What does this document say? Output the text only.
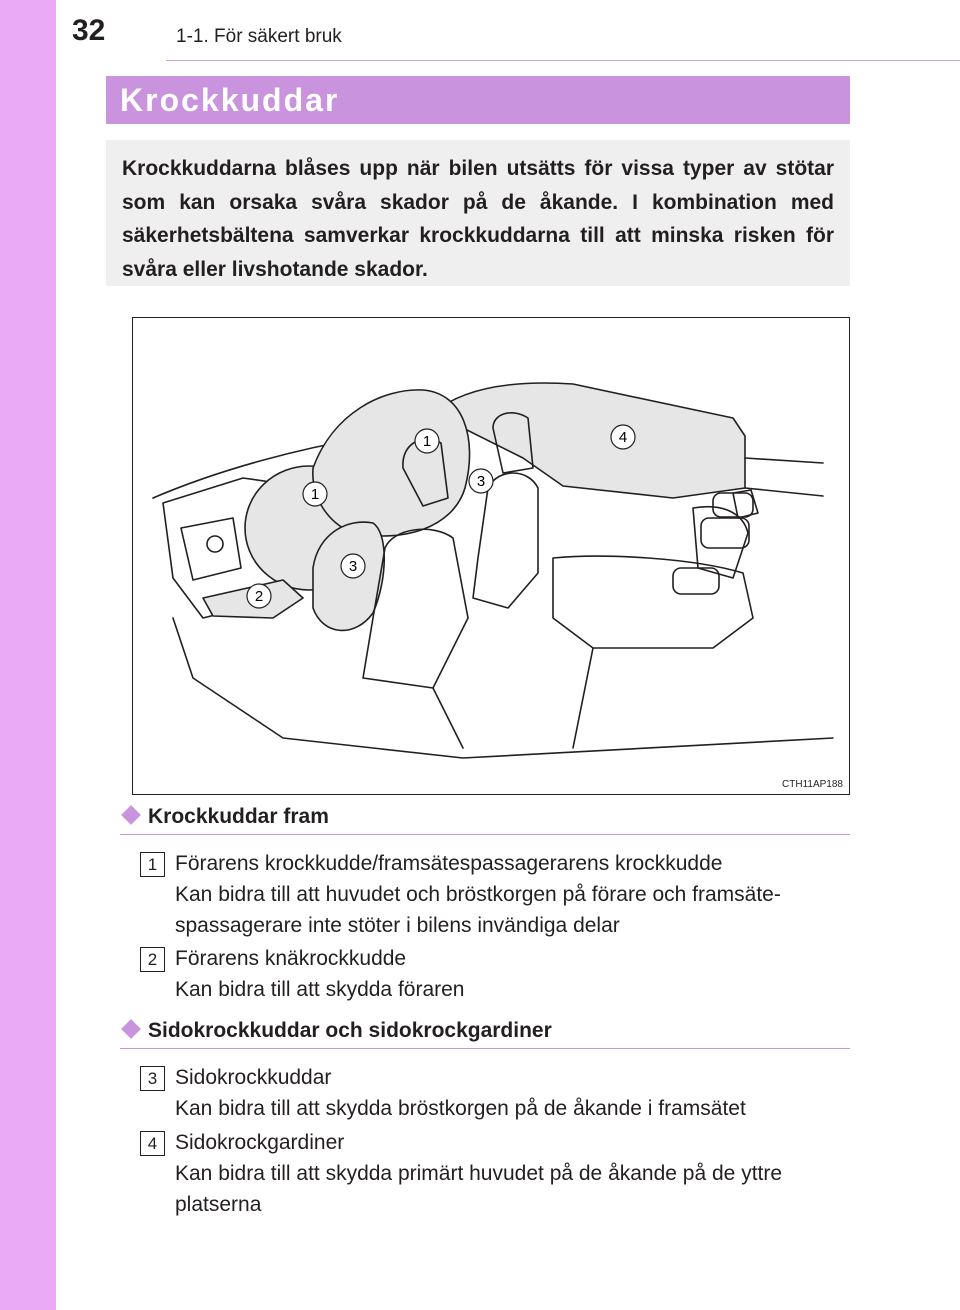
32	1-1. För säkert bruk
Krockkuddar
Krockkuddarna blåses upp när bilen utsätts för vissa typer av stötar som kan orsaka svåra skador på de åkande. I kombination med säkerhetsbältena samverkar krockkuddarna till att minska risken för svåra eller livshotande skador.
1
1
2
3
3
4
CTH11AP188
Krockkuddar fram
1 Förarens krockkudde/framsätespassagerarens krockkudde
Kan bidra till att huvudet och bröstkorgen på förare och framsäte-spassagerare inte stöter i bilens invändiga delar
2 Förarens knäkrockkudde
Kan bidra till att skydda föraren
Sidokrockkuddar och sidokrockgardiner
3 Sidokrockkuddar
Kan bidra till att skydda bröstkorgen på de åkande i framsätet
4 Sidokrockgardiner
Kan bidra till att skydda primärt huvudet på de åkande på de yttre platserna
